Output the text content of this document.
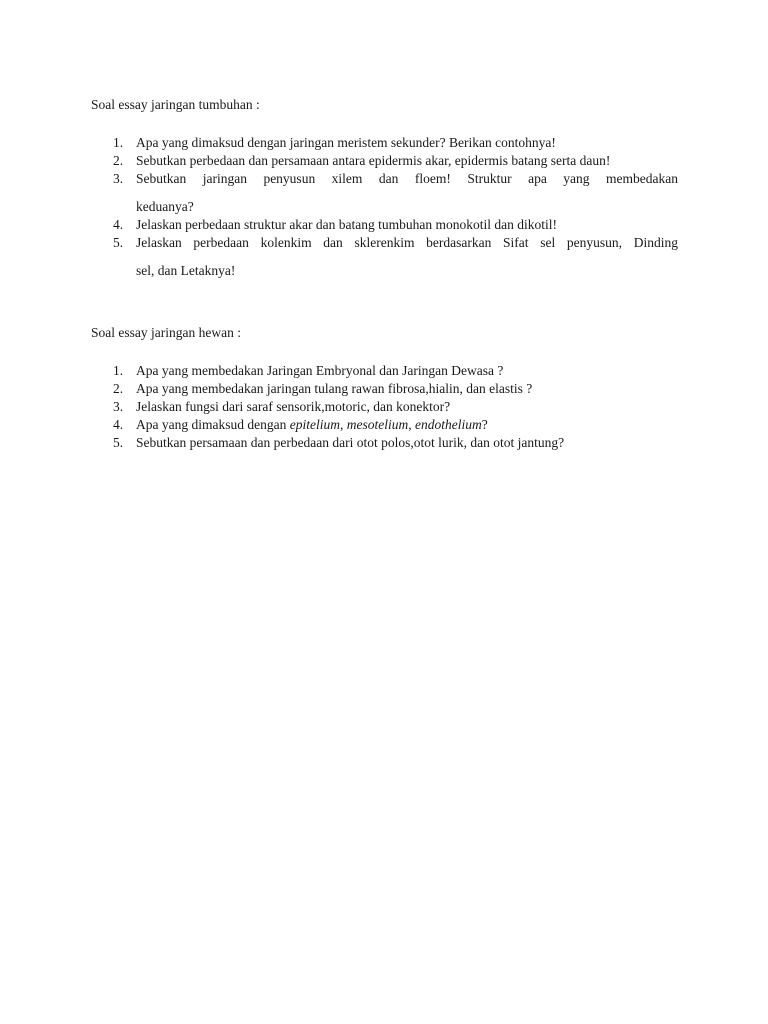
Soal essay jaringan tumbuhan :
1. Apa yang dimaksud dengan jaringan meristem sekunder? Berikan contohnya!
2. Sebutkan perbedaan dan persamaan antara epidermis akar, epidermis batang serta daun!
3. Sebutkan jaringan penyusun xilem dan floem! Struktur apa yang membedakan
keduanya?
4. Jelaskan perbedaan struktur akar dan batang tumbuhan monokotil dan dikotil!
5. Jelaskan perbedaan kolenkim dan sklerenkim berdasarkan Sifat sel penyusun, Dinding
sel, dan Letaknya!
Soal essay jaringan hewan :
1. Apa yang membedakan Jaringan Embryonal dan Jaringan Dewasa ?
2. Apa yang membedakan jaringan tulang rawan fibrosa,hialin, dan elastis ?
3. Jelaskan fungsi dari saraf sensorik,motoric, dan konektor?
4. Apa yang dimaksud dengan epitelium, mesotelium, endothelium?
5. Sebutkan persamaan dan perbedaan dari otot polos,otot lurik, dan otot jantung?
